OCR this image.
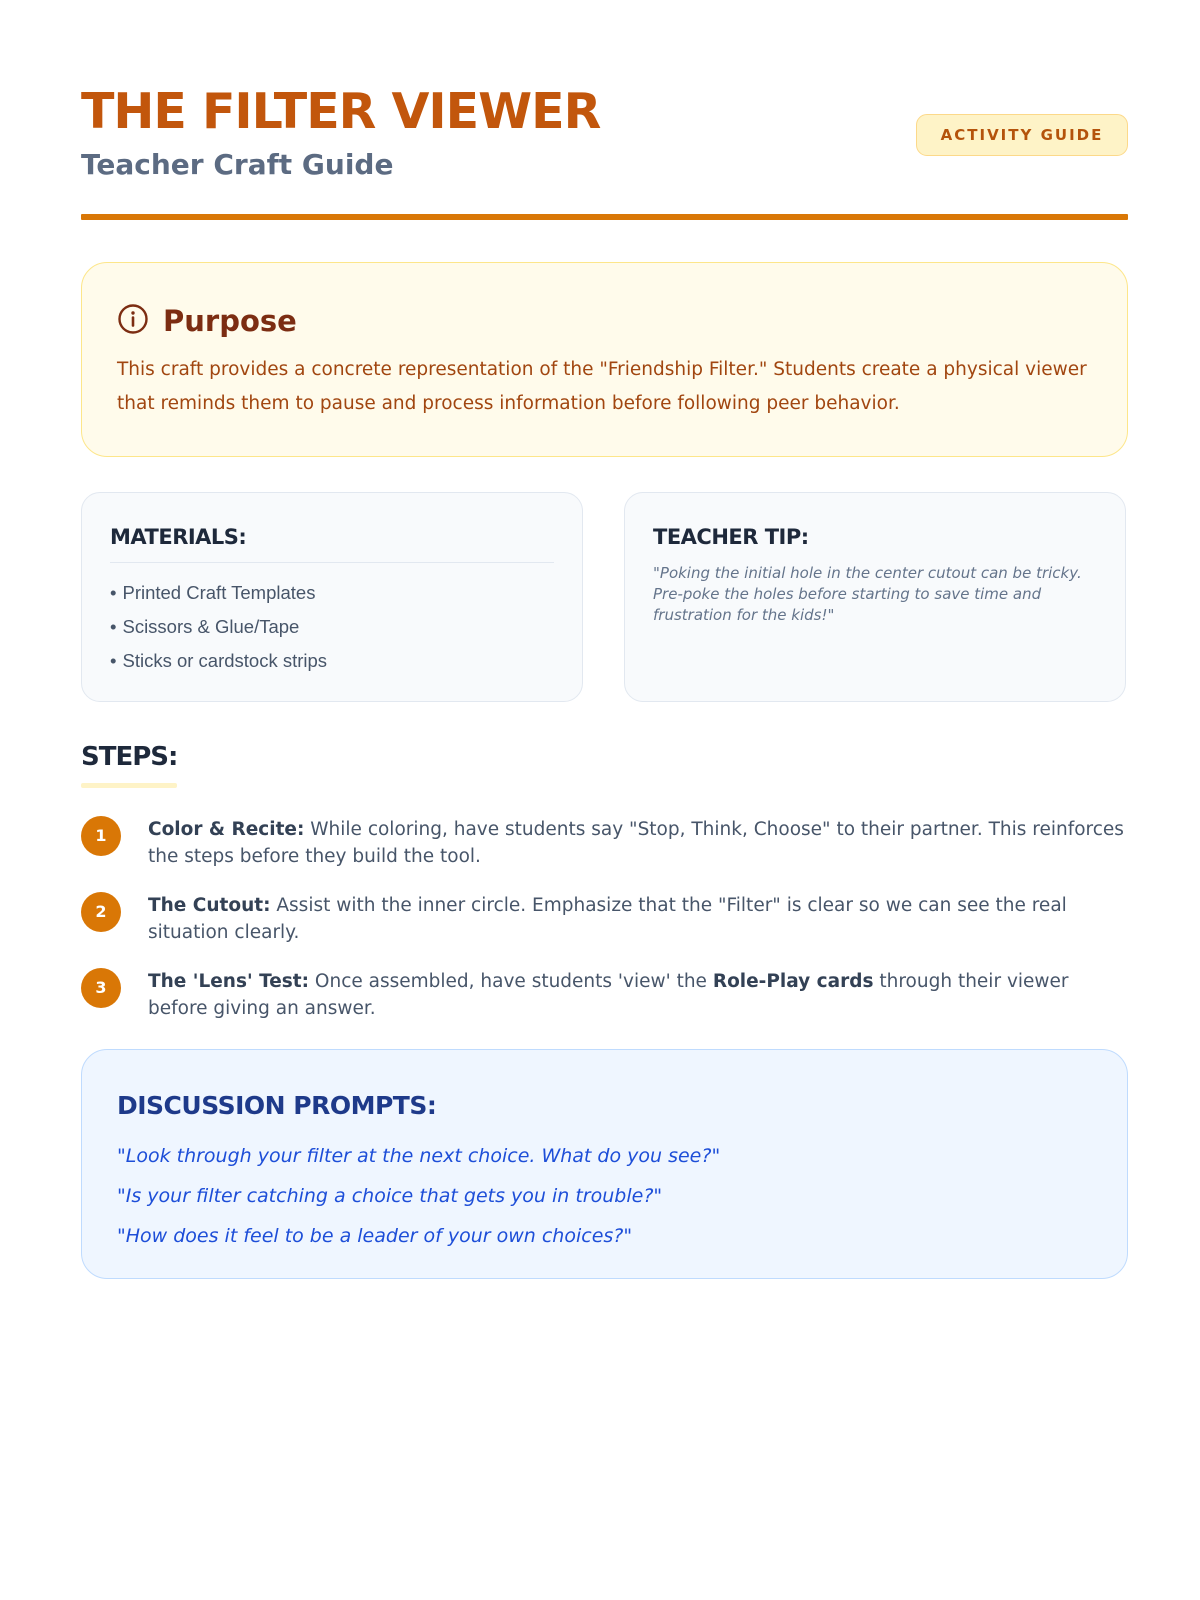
THE FILTER VIEWER
Teacher Craft Guide
ACTIVITY GUIDE
Purpose

This craft provides a concrete representation of the "Friendship Filter." Students create a physical viewer that reminds them to pause and process information before following peer behavior.

MATERIALS:
• Printed Craft Templates
• Scissors & Glue/Tape
• Sticks or cardstock strips
TEACHER TIP:

"Poking the initial hole in the center cutout can be tricky. Pre-poke the holes before starting to save time and frustration for the kids!"

STEPS:
1	Color & Recite: While coloring, have students say "Stop, Think, Choose" to their partner. This reinforces the steps before they build the tool.
2	The Cutout: Assist with the inner circle. Emphasize that the "Filter" is clear so we can see the real situation clearly.
3	The 'Lens' Test: Once assembled, have students 'view' the Role-Play cards through their viewer before giving an answer.
DISCUSSION PROMPTS:
"Look through your filter at the next choice. What do you see?"
"Is your filter catching a choice that gets you in trouble?"
"How does it feel to be a leader of your own choices?"
